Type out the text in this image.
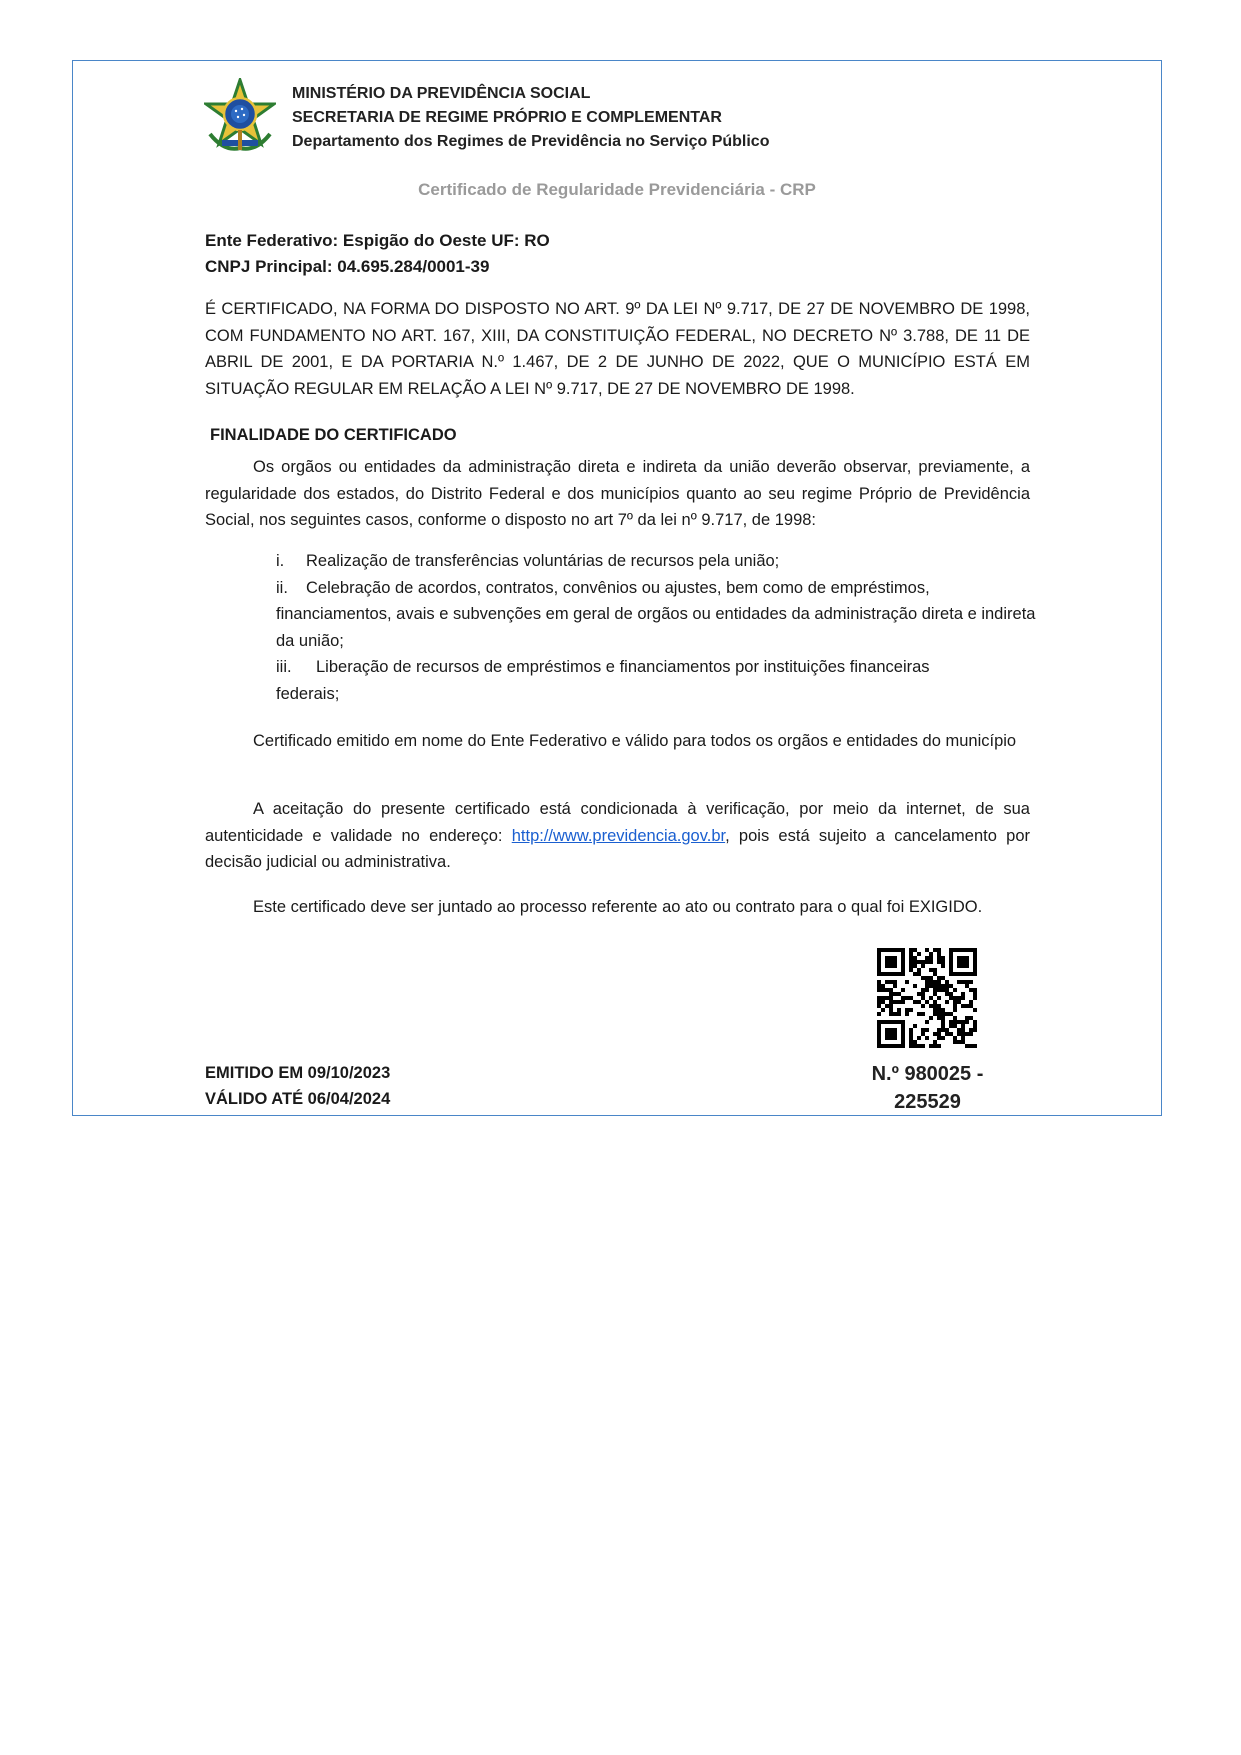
MINISTÉRIO DA PREVIDÊNCIA SOCIAL
SECRETARIA DE REGIME PRÓPRIO E COMPLEMENTAR
Departamento dos Regimes de Previdência no Serviço Público
Certificado de Regularidade Previdenciária - CRP
Ente Federativo: Espigão do Oeste UF: RO
CNPJ Principal: 04.695.284/0001-39
É CERTIFICADO, NA FORMA DO DISPOSTO NO ART. 9º DA LEI Nº 9.717, DE 27 DE NOVEMBRO DE 1998, COM FUNDAMENTO NO ART. 167, XIII, DA CONSTITUIÇÃO FEDERAL, NO DECRETO Nº 3.788, DE 11 DE ABRIL DE 2001, E DA PORTARIA N.º 1.467, DE 2 DE JUNHO DE 2022, QUE O MUNICÍPIO ESTÁ EM SITUAÇÃO REGULAR EM RELAÇÃO A LEI Nº 9.717, DE 27 DE NOVEMBRO DE 1998.
FINALIDADE DO CERTIFICADO
Os orgãos ou entidades da administração direta e indireta da união deverão observar, previamente, a regularidade dos estados, do Distrito Federal e dos municípios quanto ao seu regime Próprio de Previdência Social, nos seguintes casos, conforme o disposto no art 7º da lei nº 9.717, de 1998:
i.	Realização de transferências voluntárias de recursos pela união;
ii.	Celebração de acordos, contratos, convênios ou ajustes, bem como de empréstimos,
financiamentos, avais e subvenções em geral de orgãos ou entidades da administração direta e indireta da união;
iii.	Liberação de recursos de empréstimos e financiamentos por instituições financeiras
federais;
Certificado emitido em nome do Ente Federativo e válido para todos os orgãos e entidades do município
A aceitação do presente certificado está condicionada à verificação, por meio da internet, de sua autenticidade e validade no endereço: http://www.previdencia.gov.br, pois está sujeito a cancelamento por decisão judicial ou administrativa.
Este certificado deve ser juntado ao processo referente ao ato ou contrato para o qual foi EXIGIDO.
EMITIDO EM 09/10/2023
VÁLIDO ATÉ 06/04/2024
N.º 980025 -
225529
